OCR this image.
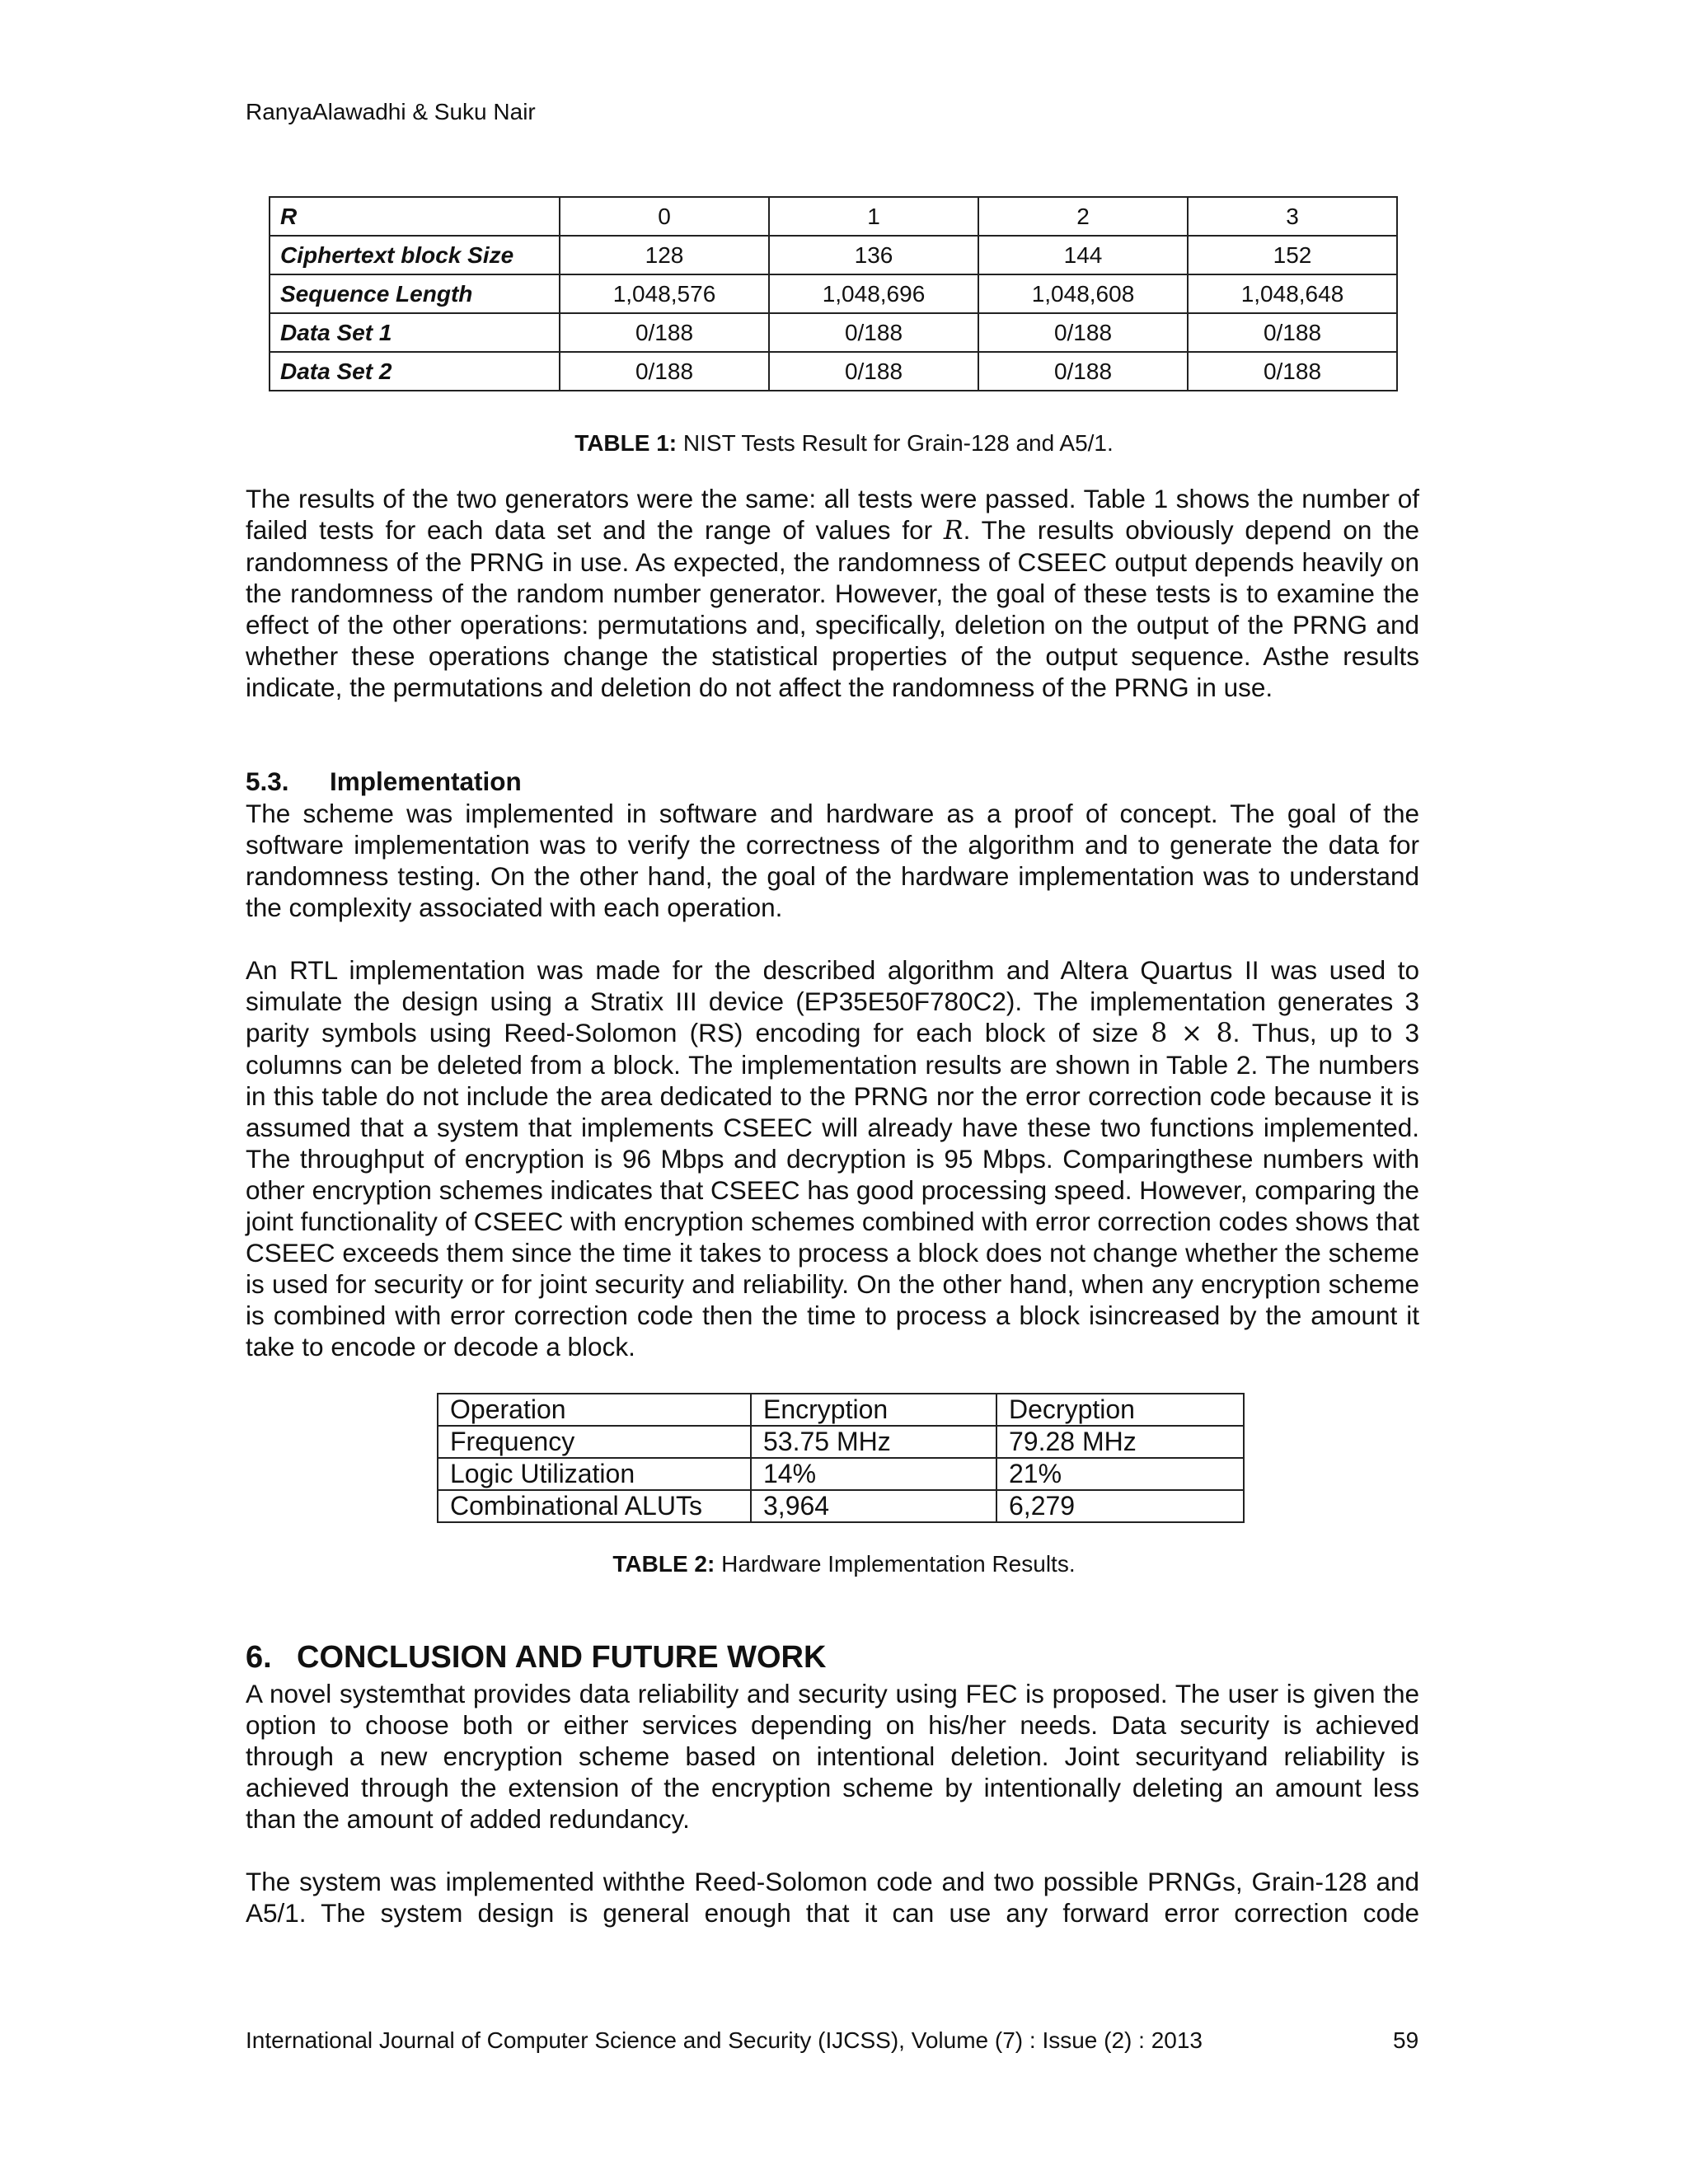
RanyaAlawadhi & Suku Nair
R	0	1	2	3
Ciphertext block Size	128	136	144	152
Sequence Length	1,048,576	1,048,696	1,048,608	1,048,648
Data Set 1	0/188	0/188	0/188	0/188
Data Set 2	0/188	0/188	0/188	0/188
TABLE 1: NIST Tests Result for Grain-128 and A5/1.

The results of the two generators were the same: all tests were passed. Table 1 shows the number of failed tests for each data set and the range of values for R. The results obviously depend on the randomness of the PRNG in use. As expected, the randomness of CSEEC output depends heavily on the randomness of the random number generator. However, the goal of these tests is to examine the effect of the other operations: permutations and, specifically, deletion on the output of the PRNG and whether these operations change the statistical properties of the output sequence. Asthe results indicate, the permutations and deletion do not affect the randomness of the PRNG in use.

5.3. Implementation

The scheme was implemented in software and hardware as a proof of concept. The goal of the software implementation was to verify the correctness of the algorithm and to generate the data for randomness testing. On the other hand, the goal of the hardware implementation was to understand the complexity associated with each operation.

An RTL implementation was made for the described algorithm and Altera Quartus II was used to simulate the design using a Stratix III device (EP35E50F780C2). The implementation generates 3 parity symbols using Reed-Solomon (RS) encoding for each block of size 8 × 8. Thus, up to 3 columns can be deleted from a block. The implementation results are shown in Table 2. The numbers in this table do not include the area dedicated to the PRNG nor the error correction code because it is assumed that a system that implements CSEEC will already have these two functions implemented. The throughput of encryption is 96 Mbps and decryption is 95 Mbps. Comparingthese numbers with other encryption schemes indicates that CSEEC has good processing speed. However, comparing the joint functionality of CSEEC with encryption schemes combined with error correction codes shows that CSEEC exceeds them since the time it takes to process a block does not change whether the scheme is used for security or for joint security and reliability. On the other hand, when any encryption scheme is combined with error correction code then the time to process a block isincreased by the amount it take to encode or decode a block.

Operation	Encryption	Decryption
Frequency	53.75 MHz	79.28 MHz
Logic Utilization	14%	21%
Combinational ALUTs	3,964	6,279
TABLE 2: Hardware Implementation Results.
6. CONCLUSION AND FUTURE WORK

A novel systemthat provides data reliability and security using FEC is proposed. The user is given the option to choose both or either services depending on his/her needs. Data security is achieved through a new encryption scheme based on intentional deletion. Joint securityand reliability is achieved through the extension of the encryption scheme by intentionally deleting an amount less than the amount of added redundancy.

The system was implemented withthe Reed-Solomon code and two possible PRNGs, Grain-128 and A5/1. The system design is general enough that it can use any forward error correction code

International Journal of Computer Science and Security (IJCSS), Volume (7) : Issue (2) : 2013	59
